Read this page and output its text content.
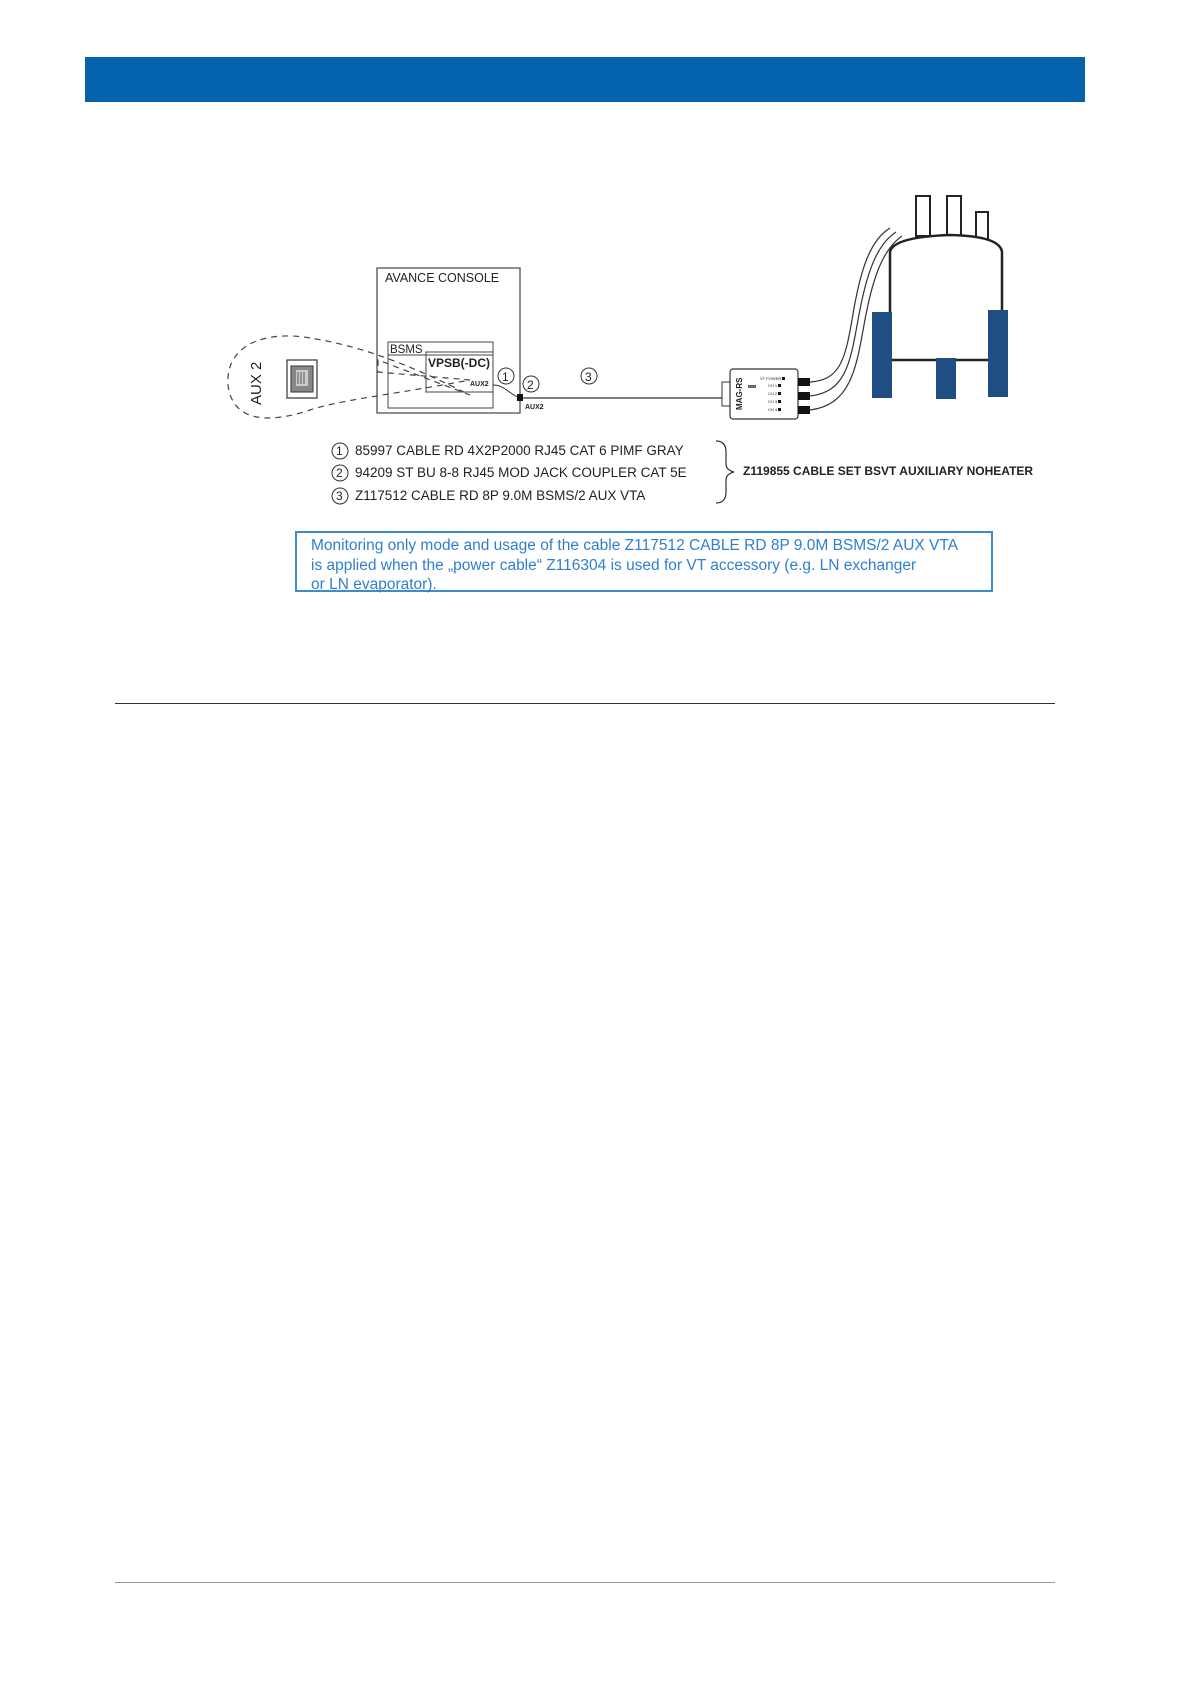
AUX 2
AVANCE CONSOLE
BSMS
VPSB(-DC)
AUX2
1
2
3
AUX2	MAG-RS	VT POWER
CH 1
CH 2
CH 3
CH 4
1 85997 CABLE RD 4X2P2000 RJ45 CAT 6 PIMF GRAY
2 94209 ST BU 8-8 RJ45 MOD JACK COUPLER CAT 5E
3 Z117512 CABLE RD 8P 9.0M BSMS/2 AUX VTA
Z119855 CABLE SET BSVT AUXILIARY NOHEATER
Monitoring only mode and usage of the cable Z117512 CABLE RD 8P 9.0M BSMS/2 AUX VTA
is applied when the „power cable“ Z116304 is used for VT accessory (e.g. LN exchanger
or LN evaporator).
